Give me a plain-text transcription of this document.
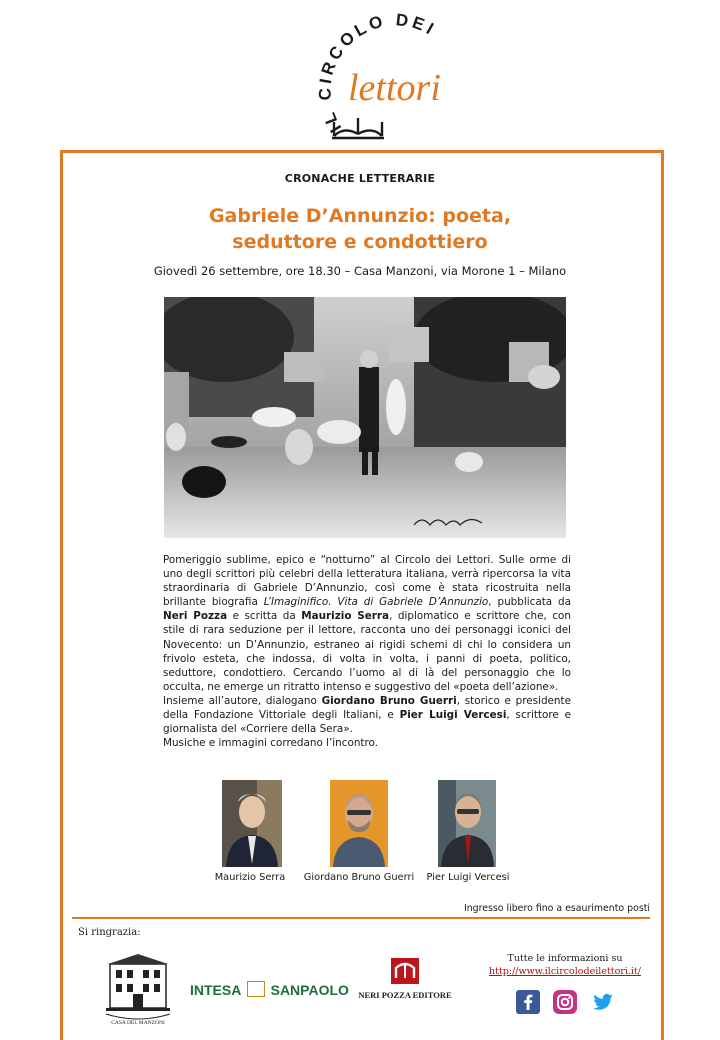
IL CIRCOLO DEI
lettori
CRONACHE LETTERARIE
Gabriele D’Annunzio: poeta,
seduttore e condottiero
Giovedì 26 settembre, ore 18.30 – Casa Manzoni, via Morone 1 – Milano

Pomeriggio sublime, epico e “notturno” al Circolo dei Lettori. Sulle orme di uno degli scrittori più celebri della letteratura italiana, verrà ripercorsa la vita straordinaria di Gabriele D’Annunzio, così come è stata ricostruita nella brillante biografia L’Imaginifico. Vita di Gabriele D’Annunzio, pubblicata da Neri Pozza e scritta da Maurizio Serra, diplomatico e scrittore che, con stile di rara seduzione per il lettore, racconta uno dei personaggi iconici del Novecento: un D’Annunzio, estraneo ai rigidi schemi di chi lo considera un frivolo esteta, che indossa, di volta in volta, i panni di poeta, politico, seduttore, condottiero. Cercando l’uomo al di là del personaggio che lo occulta, ne emerge un ritratto intenso e suggestivo del «poeta dell’azione».

Insieme all’autore, dialogano Giordano Bruno Guerri, storico e presidente della Fondazione Vittoriale degli Italiani, e Pier Luigi Vercesi, scrittore e giornalista del «Corriere della Sera».

Musiche e immagini corredano l’incontro.

Maurizio Serra	Giordano Bruno Guerri	Pier Luigi Vercesi
Ingresso libero fino a esaurimento posti
Si ringrazia:
CASA DEL MANZONI
INTESA SANPAOLO	NERI POZZA EDITORE
Tutte le informazioni su
http://www.ilcircolodeilettori.it/
